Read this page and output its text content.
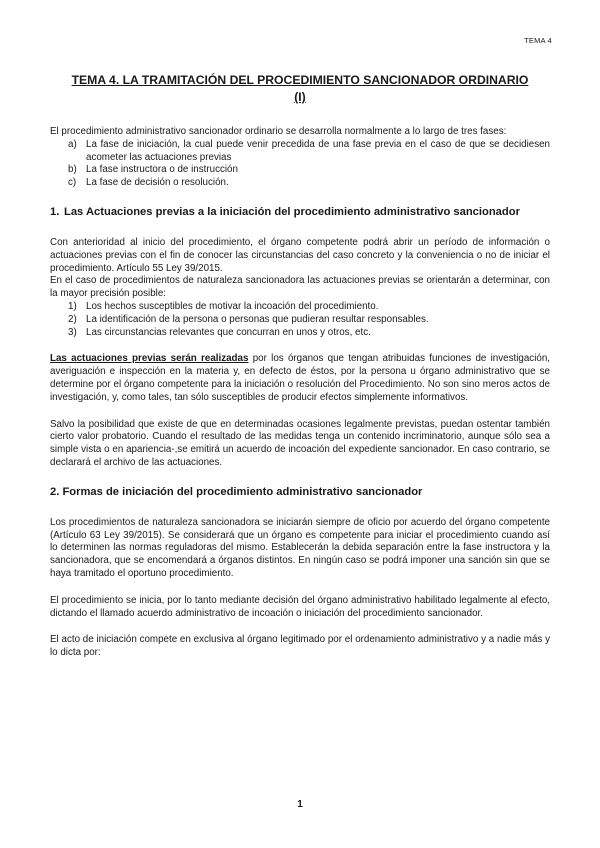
TEMA 4
TEMA 4. LA TRAMITACIÓN DEL PROCEDIMIENTO SANCIONADOR ORDINARIO
(I)

El procedimiento administrativo sancionador ordinario se desarrolla normalmente a lo largo de tres fases:

a) La fase de iniciación, la cual puede venir precedida de una fase previa en el caso de que se decidiesen acometer las actuaciones previas
b) La fase instructora o de instrucción
c) La fase de decisión o resolución.
1. Las Actuaciones previas a la iniciación del procedimiento administrativo sancionador

Con anterioridad al inicio del procedimiento, el órgano competente podrá abrir un período de información o actuaciones previas con el fin de conocer las circunstancias del caso concreto y la conveniencia o no de iniciar el procedimiento. Artículo 55 Ley 39/2015.

En el caso de procedimientos de naturaleza sancionadora las actuaciones previas se orientarán a determinar, con la mayor precisión posible:

1) Los hechos susceptibles de motivar la incoación del procedimiento.
2) La identificación de la persona o personas que pudieran resultar responsables.
3) Las circunstancias relevantes que concurran en unos y otros, etc.

Las actuaciones previas serán realizadas por los órganos que tengan atribuidas funciones de investigación, averiguación e inspección en la materia y, en defecto de éstos, por la persona u órgano administrativo que se determine por el órgano competente para la iniciación o resolución del Procedimiento. No son sino meros actos de investigación, y, como tales, tan sólo susceptibles de producir efectos simplemente informativos.

Salvo la posibilidad que existe de que en determinadas ocasiones legalmente previstas, puedan ostentar también cierto valor probatorio. Cuando el resultado de las medidas tenga un contenido incriminatorio, aunque sólo sea a simple vista o en apariencia-,se emitirá un acuerdo de incoación del expediente sancionador. En caso contrario, se declarará el archivo de las actuaciones.

2. Formas de iniciación del procedimiento administrativo sancionador

Los procedimientos de naturaleza sancionadora se iniciarán siempre de oficio por acuerdo del órgano competente (Artículo 63 Ley 39/2015). Se considerará que un órgano es competente para iniciar el procedimiento cuando así lo determinen las normas reguladoras del mismo. Establecerán la debida separación entre la fase instructora y la sancionadora, que se encomendará a órganos distintos. En ningún caso se podrá imponer una sanción sin que se haya tramitado el oportuno procedimiento.

El procedimiento se inicia, por lo tanto mediante decisión del órgano administrativo habilitado legalmente al efecto, dictando el llamado acuerdo administrativo de incoación o iniciación del procedimiento sancionador.

El acto de iniciación compete en exclusiva al órgano legitimado por el ordenamiento administrativo y a nadie más y lo dicta por:

1
